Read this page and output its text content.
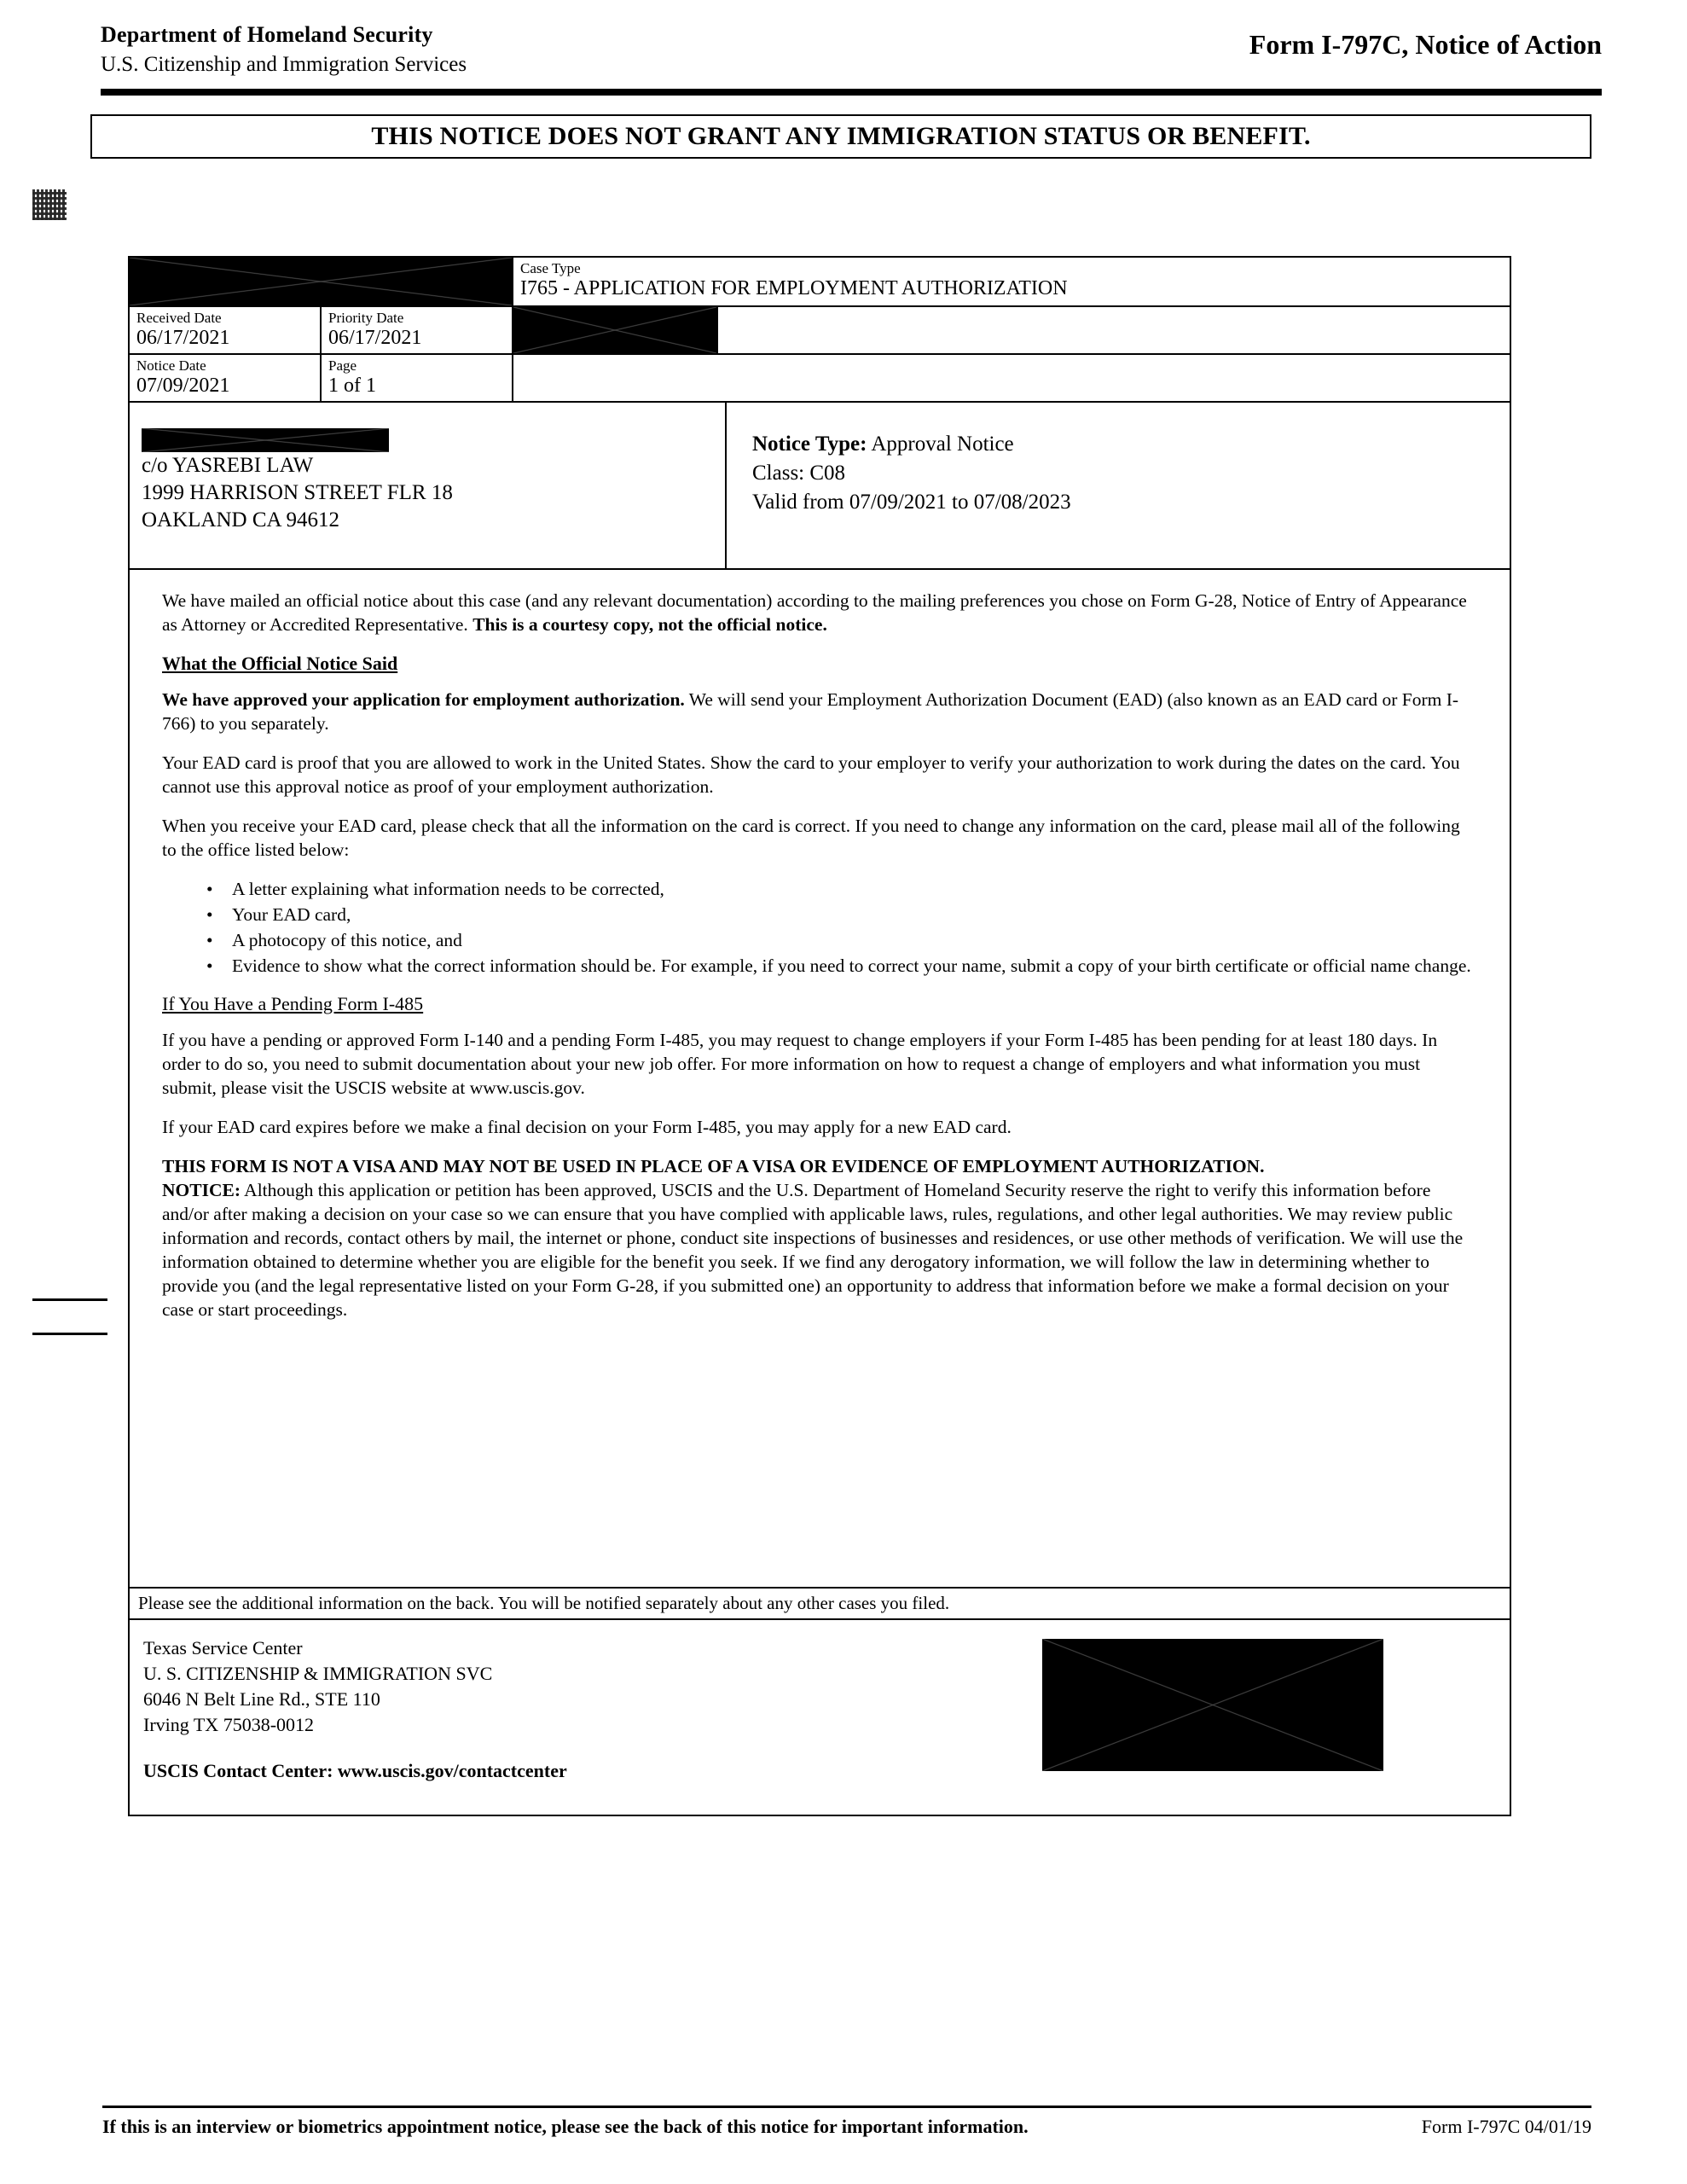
Department of Homeland Security
U.S. Citizenship and Immigration Services
Form I-797C, Notice of Action
THIS NOTICE DOES NOT GRANT ANY IMMIGRATION STATUS OR BENEFIT.
Case Type
I765 - APPLICATION FOR EMPLOYMENT AUTHORIZATION
Received Date
06/17/2021
Priority Date
06/17/2021
Notice Date
07/09/2021
Page
1 of 1
c/o YASREBI LAW
1999 HARRISON STREET FLR 18
OAKLAND CA 94612
Notice Type: Approval Notice
Class: C08
Valid from 07/09/2021 to 07/08/2023

We have mailed an official notice about this case (and any relevant documentation) according to the mailing preferences you chose on Form G-28, Notice of Entry of Appearance as Attorney or Accredited Representative. This is a courtesy copy, not the official notice.

What the Official Notice Said

We have approved your application for employment authorization. We will send your Employment Authorization Document (EAD) (also known as an EAD card or Form I-766) to you separately.

Your EAD card is proof that you are allowed to work in the United States. Show the card to your employer to verify your authorization to work during the dates on the card. You cannot use this approval notice as proof of your employment authorization.

When you receive your EAD card, please check that all the information on the card is correct. If you need to change any information on the card, please mail all of the following to the office listed below:

• A letter explaining what information needs to be corrected,
• Your EAD card,
• A photocopy of this notice, and
• Evidence to show what the correct information should be. For example, if you need to correct your name, submit a copy of your birth certificate or official name change.

If You Have a Pending Form I-485

If you have a pending or approved Form I-140 and a pending Form I-485, you may request to change employers if your Form I-485 has been pending for at least 180 days. In order to do so, you need to submit documentation about your new job offer. For more information on how to request a change of employers and what information you must submit, please visit the USCIS website at www.uscis.gov.

If your EAD card expires before we make a final decision on your Form I-485, you may apply for a new EAD card.

THIS FORM IS NOT A VISA AND MAY NOT BE USED IN PLACE OF A VISA OR EVIDENCE OF EMPLOYMENT AUTHORIZATION.
NOTICE: Although this application or petition has been approved, USCIS and the U.S. Department of Homeland Security reserve the right to verify this information before and/or after making a decision on your case so we can ensure that you have complied with applicable laws, rules, regulations, and other legal authorities. We may review public information and records, contact others by mail, the internet or phone, conduct site inspections of businesses and residences, or use other methods of verification. We will use the information obtained to determine whether you are eligible for the benefit you seek. If we find any derogatory information, we will follow the law in determining whether to provide you (and the legal representative listed on your Form G-28, if you submitted one) an opportunity to address that information before we make a formal decision on your case or start proceedings.

Please see the additional information on the back. You will be notified separately about any other cases you filed.
Texas Service Center
U. S. CITIZENSHIP & IMMIGRATION SVC
6046 N Belt Line Rd., STE 110
Irving TX 75038-0012
USCIS Contact Center: www.uscis.gov/contactcenter
If this is an interview or biometrics appointment notice, please see the back of this notice for important information.	Form I-797C 04/01/19
